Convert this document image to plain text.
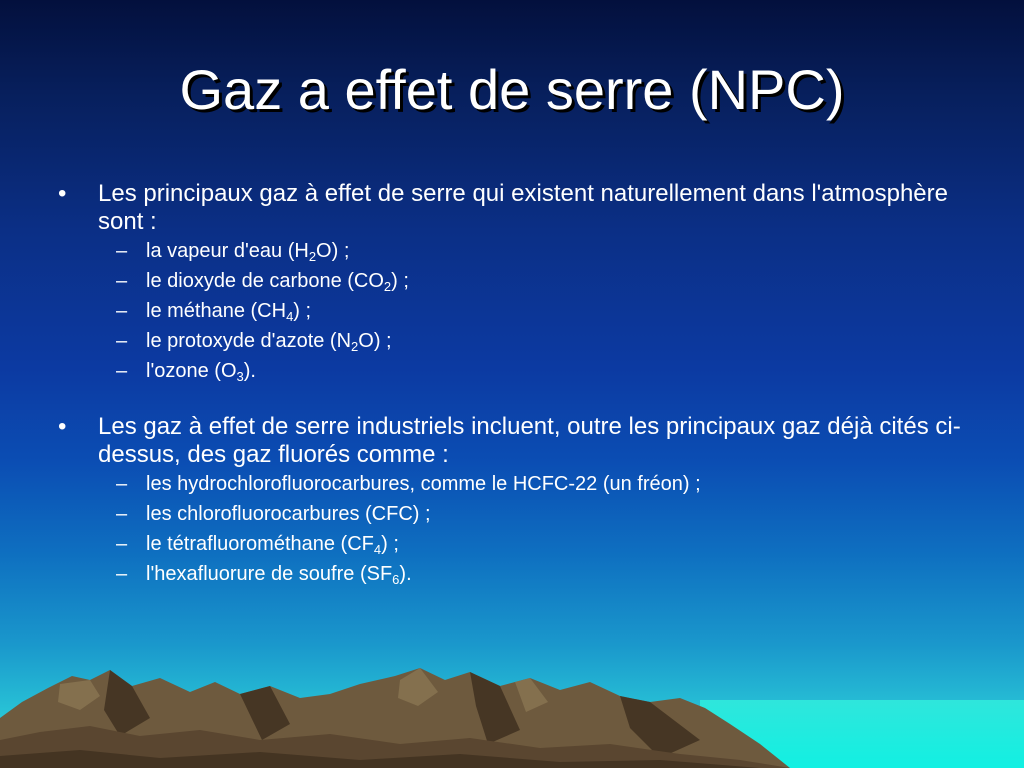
Gaz a effet de serre (NPC)
•	Les principaux gaz à effet de serre qui existent naturellement dans l'atmosphère sont :
– la vapeur d'eau $(H_2O)$ ;
– le dioxyde de carbone $(CO_2)$ ;
– le méthane $(CH_4)$ ;
– le protoxyde d'azote $(N_2O)$ ;
– l'ozone $(O_3)$.
•	Les gaz à effet de serre industriels incluent, outre les principaux gaz déjà cités ci-dessus, des gaz fluorés comme :
– les hydrochlorofluorocarbures, comme le HCFC-22 (un fréon) ;
– les chlorofluorocarbures (CFC) ;
– le tétrafluorométhane $(CF_4)$ ;
– l'hexafluorure de soufre $(SF_6)$.
